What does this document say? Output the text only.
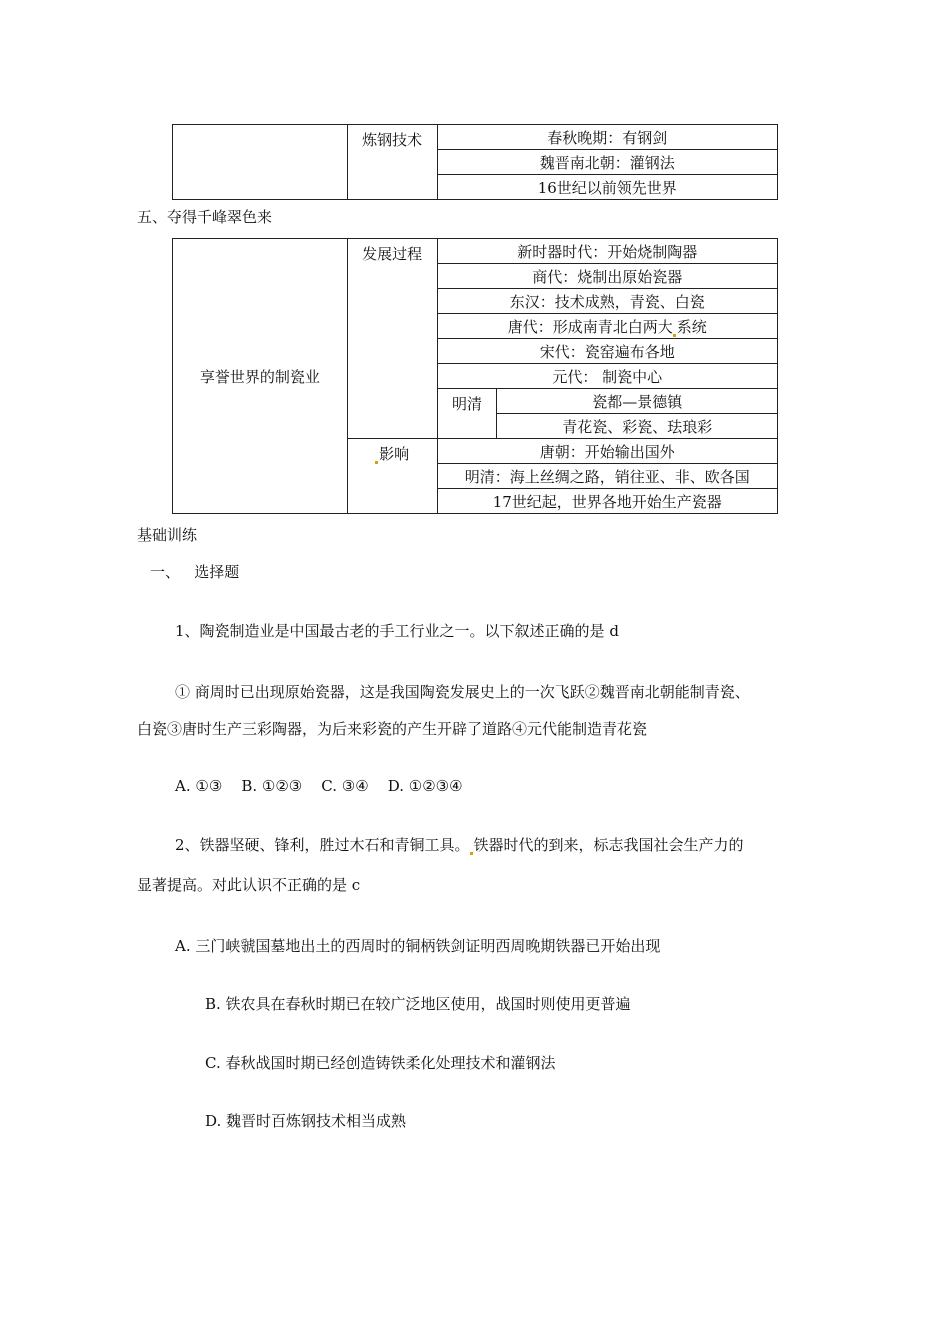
	炼钢技术	春秋晚期：有钢剑
魏晋南北朝：灌钢法
16世纪以前领先世界
五、夺得千峰翠色来
享誉世界的制瓷业	发展过程	新时器时代：开始烧制陶器	
		商代：烧制出原始瓷器	
		东汉：技术成熟，青瓷、白瓷	
		唐代：形成南青北白两大 系统	
		宋代：瓷窑遍布各地	
		元代： 制瓷中心	
		明清	瓷都—景德镇
			青花瓷、彩瓷、珐琅彩
	影响	唐朝：开始输出国外	
		明清：海上丝绸之路，销往亚、非、欧各国	
		17世纪起，世界各地开始生产瓷器	
基础训练
一、   选择题
1、陶瓷制造业是中国最古老的手工行业之一。以下叙述正确的是 d
① 商周时已出现原始瓷器，这是我国陶瓷发展史上的一次飞跃②魏晋南北朝能制青瓷、
白瓷③唐时生产三彩陶器，为后来彩瓷的产生开辟了道路④元代能制造青花瓷
A. ①③    B. ①②③    C. ③④    D. ①②③④
2、铁器坚硬、锋利，胜过木石和青铜工具。 铁器时代的到来，标志我国社会生产力的
显著提高。对此认识不正确的是 c
A. 三门峡虢国墓地出土的西周时的铜柄铁剑证明西周晚期铁器已开始出现
B. 铁农具在春秋时期已在较广泛地区使用，战国时则使用更普遍
C. 春秋战国时期已经创造铸铁柔化处理技术和灌钢法
D. 魏晋时百炼钢技术相当成熟
